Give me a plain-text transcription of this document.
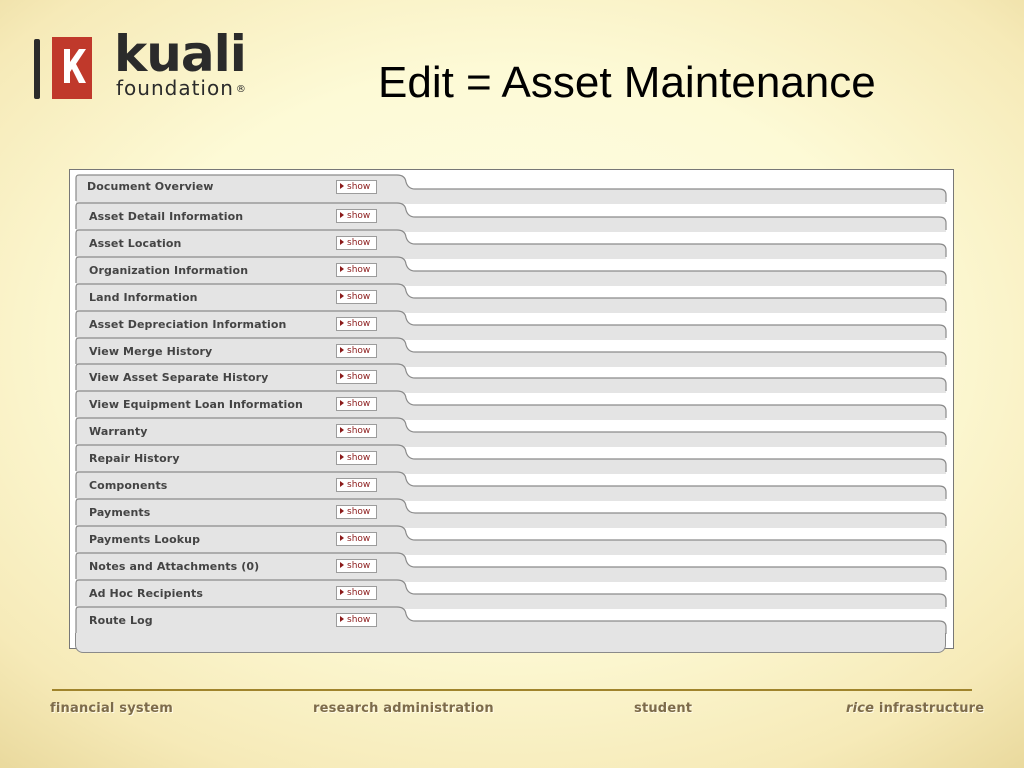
kuali
foundation ®	Edit = Asset Maintenance
Document Overview	show
Asset Detail Information	show
Asset Location	show
Organization Information	show
Land Information	show
Asset Depreciation Information	show
View Merge History	show
View Asset Separate History	show
View Equipment Loan Information	show
Warranty	show
Repair History	show
Components	show
Payments	show
Payments Lookup	show
Notes and Attachments (0)	show
Ad Hoc Recipients	show
Route Log	show
financial system	research administration	student	rice infrastructure
